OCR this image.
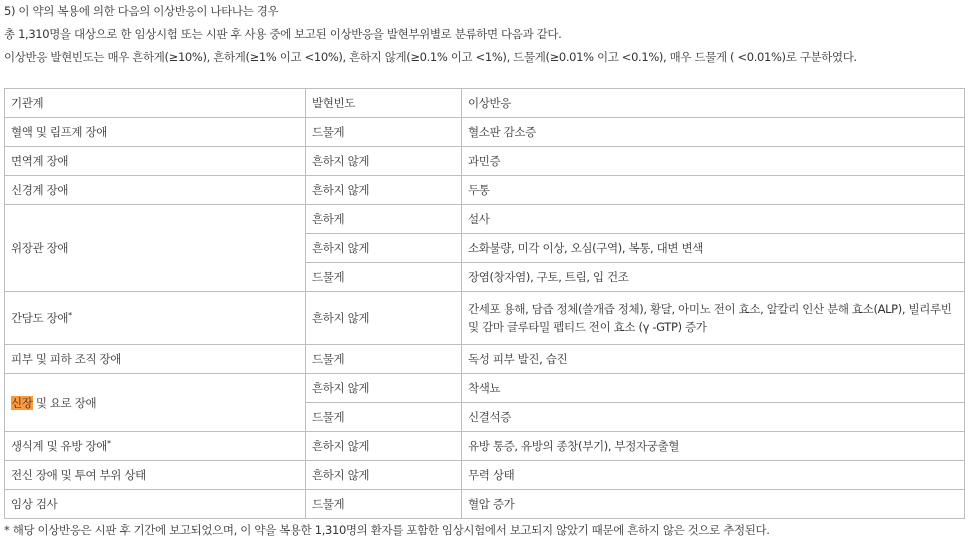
5) 이 약의 복용에 의한 다음의 이상반응이 나타나는 경우

총 1,310명을 대상으로 한 임상시험 또는 시판 후 사용 중에 보고된 이상반응을 발현부위별로 분류하면 다음과 같다.

이상반응 발현빈도는 매우 흔하게(≥10%), 흔하게(≥1% 이고 <10%), 흔하지 않게(≥0.1% 이고 <1%), 드물게(≥0.01% 이고 <0.1%), 매우 드물게 ( <0.01%)로 구분하였다.

기관계	발현빈도	이상반응
혈액 및 림프계 장애	드물게	혈소판 감소증
면역계 장애	흔하지 않게	과민증
신경계 장애	흔하지 않게	두통
위장관 장애	흔하게	설사
	흔하지 않게	소화불량, 미각 이상, 오심(구역), 복통, 대변 변색
	드물게	장염(창자염), 구토, 트림, 입 건조
간담도 장애*	흔하지 않게	간세포 용해, 담즙 정체(쓸개즙 정체), 황달, 아미노 전이 효소, 알칼리 인산 분해 효소(ALP), 빌리루빈 및 감마 글루타밀 펩티드 전이 효소 (γ -GTP) 증가
피부 및 피하 조직 장애	드물게	독성 피부 발진, 습진
신장 및 요로 장애	흔하지 않게	착색뇨
	드물게	신결석증
생식계 및 유방 장애*	흔하지 않게	유방 통증, 유방의 종창(부기), 부정자궁출혈
전신 장애 및 투여 부위 상태	흔하지 않게	무력 상태
임상 검사	드물게	혈압 증가
* 해당 이상반응은 시판 후 기간에 보고되었으며, 이 약을 복용한 1,310명의 환자를 포함한 임상시험에서 보고되지 않았기 때문에 흔하지 않은 것으로 추정된다.
